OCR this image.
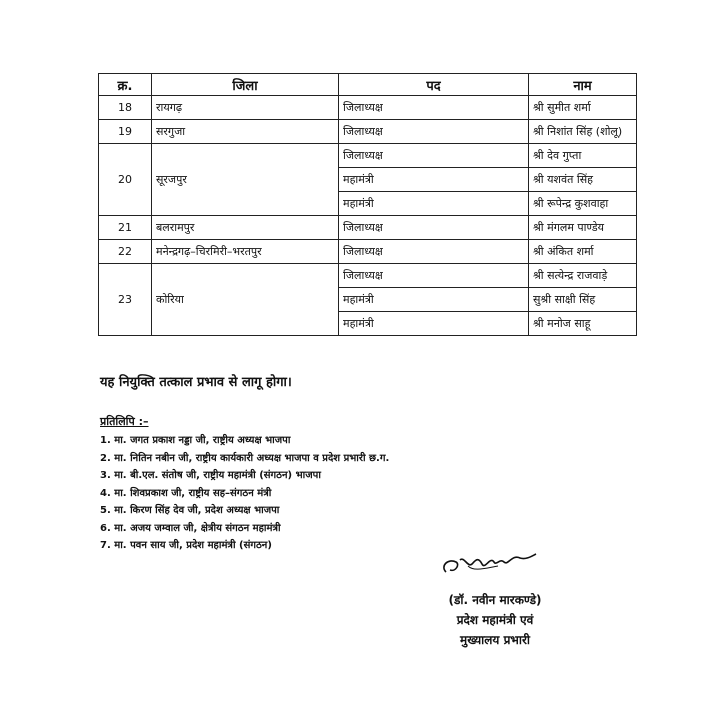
क्र.	जिला	पद	नाम
18	रायगढ़	जिलाध्यक्ष	श्री सुमीत शर्मा
19	सरगुजा	जिलाध्यक्ष	श्री निशांत सिंह (शोलू)
20	सूरजपुर	जिलाध्यक्ष	श्री देव गुप्ता
		महामंत्री	श्री यशवंत सिंह
		महामंत्री	श्री रूपेन्द्र कुशवाहा
21	बलरामपुर	जिलाध्यक्ष	श्री मंगलम पाण्डेय
22	मनेन्द्रगढ़–चिरमिरी–भरतपुर	जिलाध्यक्ष	श्री अंकित शर्मा
23	कोरिया	जिलाध्यक्ष	श्री सत्येन्द्र राजवाड़े
		महामंत्री	सुश्री साक्षी सिंह
		महामंत्री	श्री मनोज साहू
यह नियुक्ति तत्काल प्रभाव से लागू होगा।
प्रतिलिपि :–
1. मा. जगत प्रकाश नड्डा जी, राष्ट्रीय अध्यक्ष भाजपा
2. मा. नितिन नबीन जी, राष्ट्रीय कार्यकारी अध्यक्ष भाजपा व प्रदेश प्रभारी छ.ग.
3. मा. बी.एल. संतोष जी, राष्ट्रीय महामंत्री (संगठन) भाजपा
4. मा. शिवप्रकाश जी, राष्ट्रीय सह–संगठन मंत्री
5. मा. किरण सिंह देव जी, प्रदेश अध्यक्ष भाजपा
6. मा. अजय जम्वाल जी, क्षेत्रीय संगठन महामंत्री
7. मा. पवन साय जी, प्रदेश महामंत्री (संगठन)
(डॉ. नवीन मारकण्डे)
प्रदेश महामंत्री एवं
मुख्यालय प्रभारी
